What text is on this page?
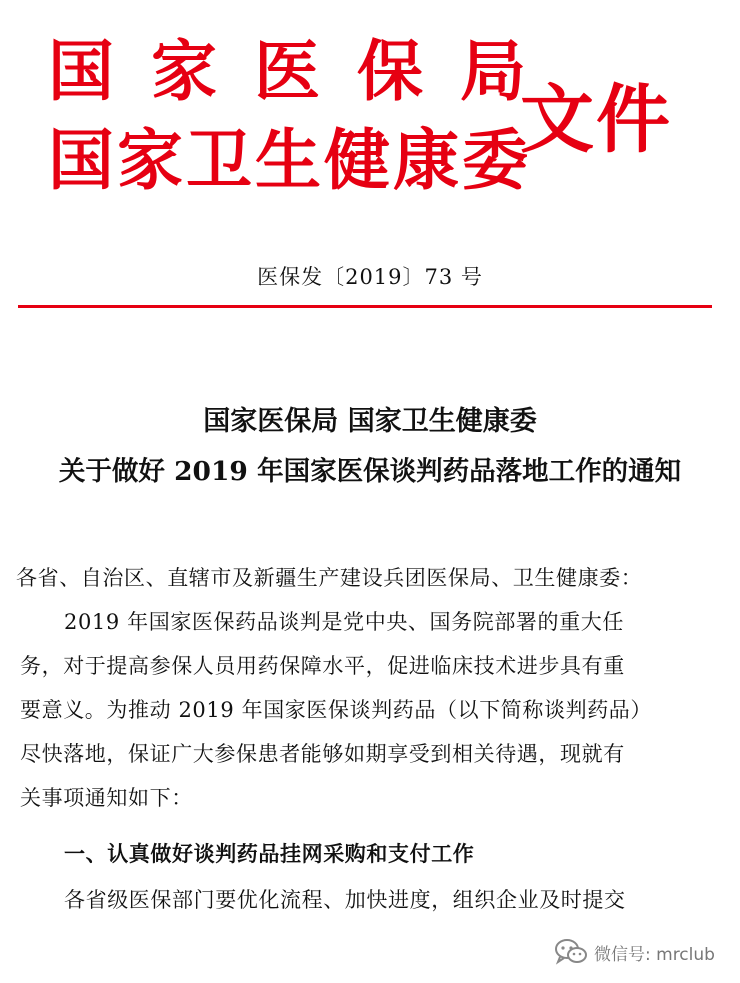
国家医保局
国家卫生健康委
文件
医保发〔2019〕73 号
国家医保局 国家卫生健康委
关于做好 2019 年国家医保谈判药品落地工作的通知
各省、自治区、直辖市及新疆生产建设兵团医保局、卫生健康委：
2019 年国家医保药品谈判是党中央、国务院部署的重大任
务，对于提高参保人员用药保障水平，促进临床技术进步具有重
要意义。为推动 2019 年国家医保谈判药品（以下简称谈判药品）
尽快落地，保证广大参保患者能够如期享受到相关待遇，现就有
关事项通知如下：
一、认真做好谈判药品挂网采购和支付工作
各省级医保部门要优化流程、加快进度，组织企业及时提交
微信号: mrclub
